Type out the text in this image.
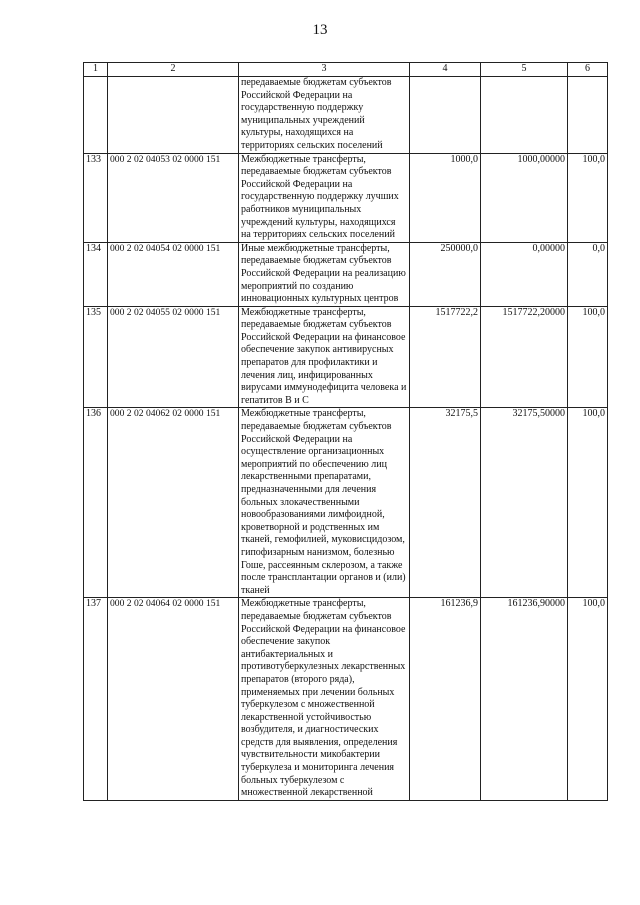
13
1	2	3	4	5	6
		передаваемые бюджетам субъектов Российской Федерации на государственную поддержку муниципальных учреждений культуры, находящихся на территориях сельских поселений			
133	000 2 02 04053 02 0000 151	Межбюджетные трансферты, передаваемые бюджетам субъектов Российской Федерации на государственную поддержку лучших работников муниципальных учреждений культуры, находящихся на территориях сельских поселений	1000,0	1000,00000	100,0
134	000 2 02 04054 02 0000 151	Иные межбюджетные трансферты, передаваемые бюджетам субъектов Российской Федерации на реализацию мероприятий по созданию инновационных культурных центров	250000,0	0,00000	0,0
135	000 2 02 04055 02 0000 151	Межбюджетные трансферты, передаваемые бюджетам субъектов Российской Федерации на финансовое обеспечение закупок антивирусных препаратов для профилактики и лечения лиц, инфицированных вирусами иммунодефицита человека и гепатитов В и С	1517722,2	1517722,20000	100,0
136	000 2 02 04062 02 0000 151	Межбюджетные трансферты, передаваемые бюджетам субъектов Российской Федерации на осуществление организационных мероприятий по обеспечению лиц лекарственными препаратами, предназначенными для лечения больных злокачественными новообразованиями лимфоидной, кроветворной и родственных им тканей, гемофилией, муковисцидозом, гипофизарным нанизмом, болезнью Гоше, рассеянным склерозом, а также после трансплантации органов и (или) тканей	32175,5	32175,50000	100,0
137	000 2 02 04064 02 0000 151	Межбюджетные трансферты, передаваемые бюджетам субъектов Российской Федерации на финансовое обеспечение закупок антибактериальных и противотуберкулезных лекарственных препаратов (второго ряда), применяемых при лечении больных туберкулезом с множественной лекарственной устойчивостью возбудителя, и диагностических средств для выявления, определения чувствительности микобактерии туберкулеза и мониторинга лечения больных туберкулезом с множественной лекарственной	161236,9	161236,90000	100,0
